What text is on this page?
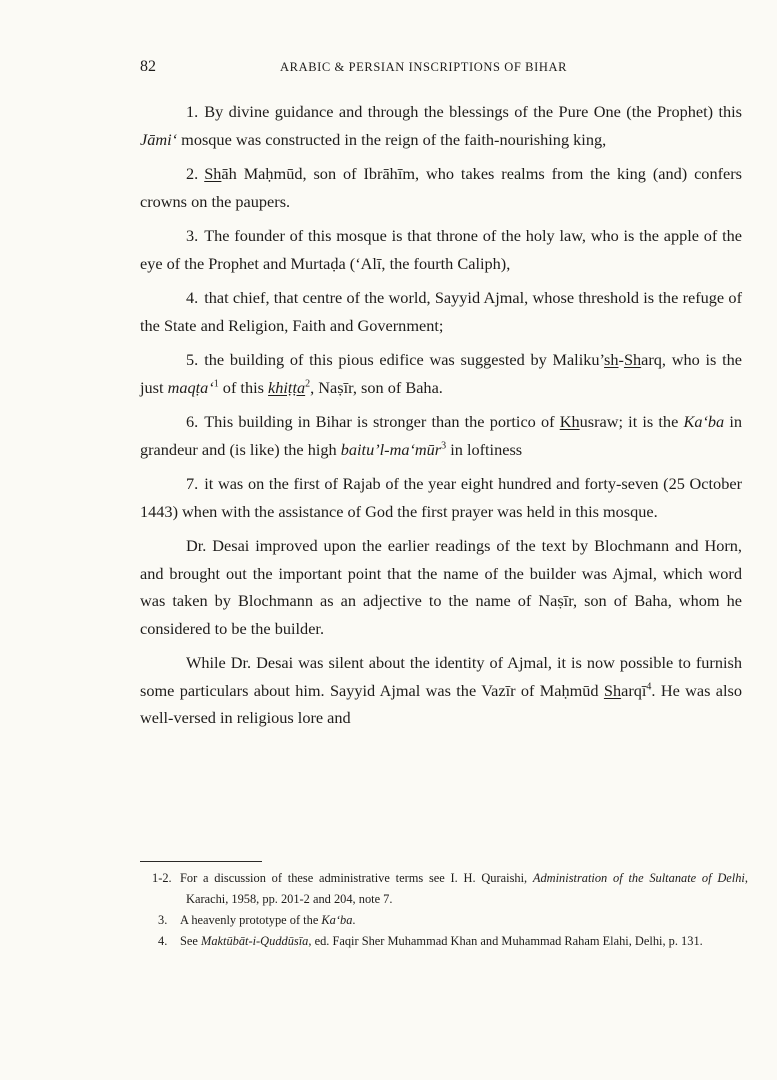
82	ARABIC & PERSIAN INSCRIPTIONS OF BIHAR

1. By divine guidance and through the blessings of the Pure One (the Prophet) this Jāmi‘ mosque was constructed in the reign of the faith-nourishing king,

2. Shāh Maḥmūd, son of Ibrāhīm, who takes realms from the king (and) confers crowns on the paupers.

3. The founder of this mosque is that throne of the holy law, who is the apple of the eye of the Prophet and Murtaḍa (‘Alī, the fourth Caliph),

4. that chief, that centre of the world, Sayyid Ajmal, whose threshold is the refuge of the State and Religion, Faith and Government;

5. the building of this pious edifice was suggested by Maliku’sh-Sharq, who is the just maqṭa‘$^1$ of this khiṭṭa$^2$, Naṣīr, son of Baha.

6. This building in Bihar is stronger than the portico of Khusraw; it is the Ka‘ba in grandeur and (is like) the high baitu’l-ma‘mūr$^3$ in loftiness

7. it was on the first of Rajab of the year eight hundred and forty-seven (25 October 1443) when with the assistance of God the first prayer was held in this mosque.

Dr. Desai improved upon the earlier readings of the text by Blochmann and Horn, and brought out the important point that the name of the builder was Ajmal, which word was taken by Blochmann as an adjective to the name of Naṣīr, son of Baha, whom he considered to be the builder.

While Dr. Desai was silent about the identity of Ajmal, it is now possible to furnish some particulars about him. Sayyid Ajmal was the Vazīr of Maḥmūd Sharqī$^4$. He was also well-versed in religious lore and

1-2. For a discussion of these administrative terms see I. H. Quraishi, Administration of the Sultanate of Delhi, Karachi, 1958, pp. 201-2 and 204, note 7.
3. A heavenly prototype of the Ka‘ba.
4. See Maktūbāt-i-Quddūsīa, ed. Faqir Sher Muhammad Khan and Muhammad Raham Elahi, Delhi, p. 131.
